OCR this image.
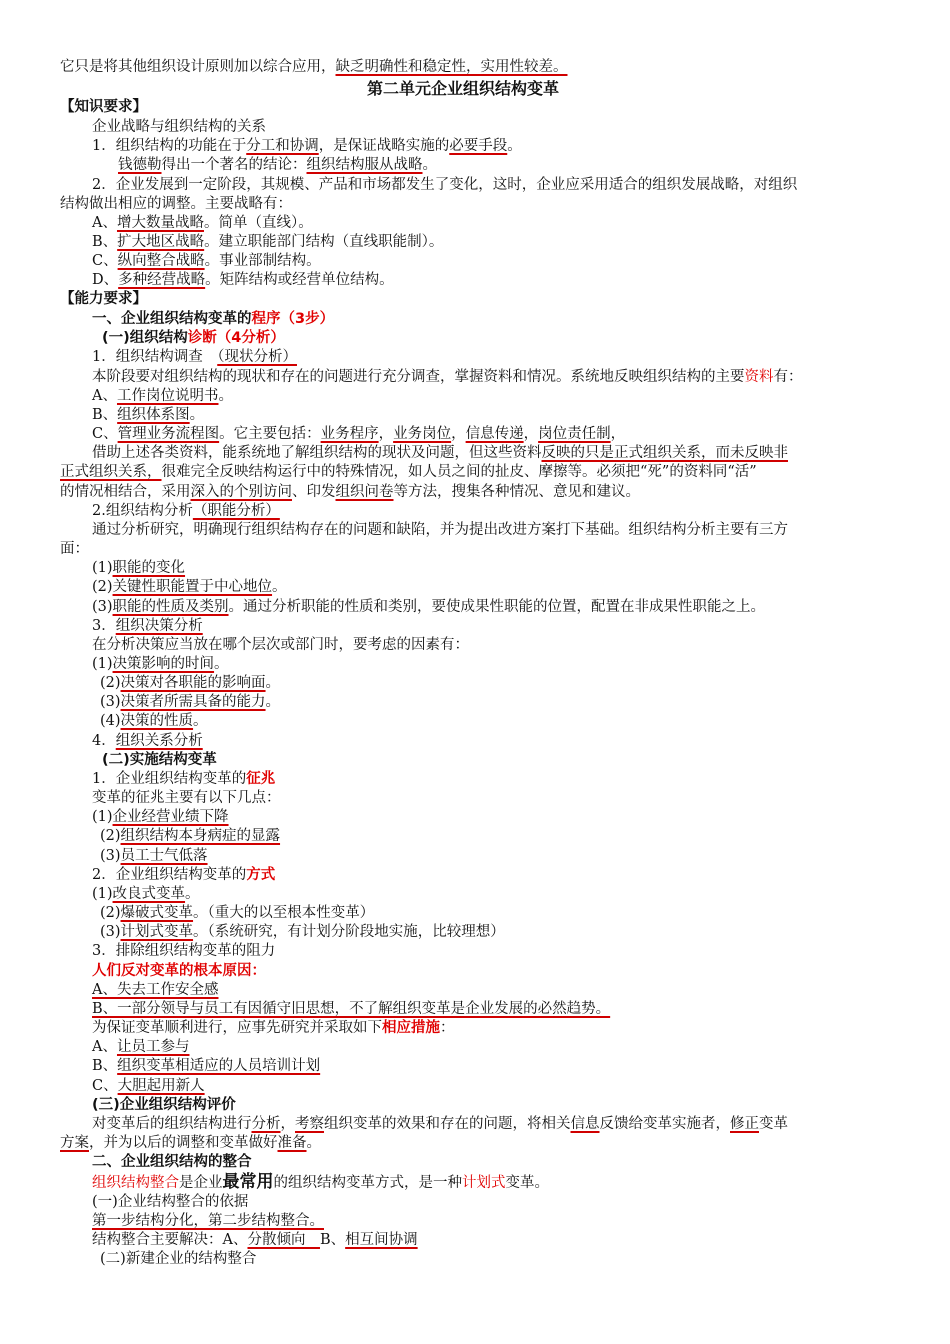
它只是将其他组织设计原则加以综合应用，缺乏明确性和稳定性，实用性较差。
第二单元企业组织结构变革
【知识要求】
企业战略与组织结构的关系
1．组织结构的功能在于分工和协调，是保证战略实施的必要手段。
钱德勒得出一个著名的结论：组织结构服从战略。
2．企业发展到一定阶段，其规模、产品和市场都发生了变化，这时，企业应采用适合的组织发展战略，对组织
结构做出相应的调整。主要战略有：
A、增大数量战略。简单（直线）。
B、扩大地区战略。建立职能部门结构（直线职能制）。
C、纵向整合战略。事业部制结构。
D、多种经营战略。矩阵结构或经营单位结构。
【能力要求】
一、企业组织结构变革的程序（3步）
(一)组织结构诊断（4分析）
1．组织结构调查　（现状分析）
本阶段要对组织结构的现状和存在的问题进行充分调查，掌握资料和情况。系统地反映组织结构的主要资料有：
A、工作岗位说明书。
B、组织体系图。
C、管理业务流程图。它主要包括：业务程序，业务岗位，信息传递，岗位责任制，
借助上述各类资料，能系统地了解组织结构的现状及问题，但这些资料反映的只是正式组织关系，而未反映非
正式组织关系，很难完全反映结构运行中的特殊情况，如人员之间的扯皮、摩擦等。必须把“死”的资料同“活”
的情况相结合，采用深入的个别访问、印发组织问卷等方法，搜集各种情况、意见和建议。
2.组织结构分析（职能分析）
通过分析研究，明确现行组织结构存在的问题和缺陷，并为提出改进方案打下基础。组织结构分析主要有三方
面：
(1)职能的变化
(2)关键性职能置于中心地位。
(3)职能的性质及类别。通过分析职能的性质和类别，要使成果性职能的位置，配置在非成果性职能之上。
3．组织决策分析
在分析决策应当放在哪个层次或部门时，要考虑的因素有：
(1)决策影响的时间。
(2)决策对各职能的影响面。
(3)决策者所需具备的能力。
(4)决策的性质。
4．组织关系分析
(二)实施结构变革
1．企业组织结构变革的征兆
变革的征兆主要有以下几点：
(1)企业经营业绩下降
(2)组织结构本身病症的显露
(3)员工士气低落
2．企业组织结构变革的方式
(1)改良式变革。
(2)爆破式变革。（重大的以至根本性变革）
(3)计划式变革。（系统研究，有计划分阶段地实施，比较理想）
3．排除组织结构变革的阻力
人们反对变革的根本原因：
A、失去工作安全感
B、一部分领导与员工有因循守旧思想，不了解组织变革是企业发展的必然趋势。
为保证变革顺利进行，应事先研究并采取如下相应措施：
A、让员工参与
B、组织变革相适应的人员培训计划
C、大胆起用新人
(三)企业组织结构评价
对变革后的组织结构进行分析，考察组织变革的效果和存在的问题，将相关信息反馈给变革实施者，修正变革
方案，并为以后的调整和变革做好准备。
二、企业组织结构的整合
组织结构整合是企业最常用的组织结构变革方式，是一种计划式变革。
(一)企业结构整合的依据
第一步结构分化，第二步结构整合。
结构整合主要解决：A、分散倾向　B、相互间协调
(二)新建企业的结构整合
